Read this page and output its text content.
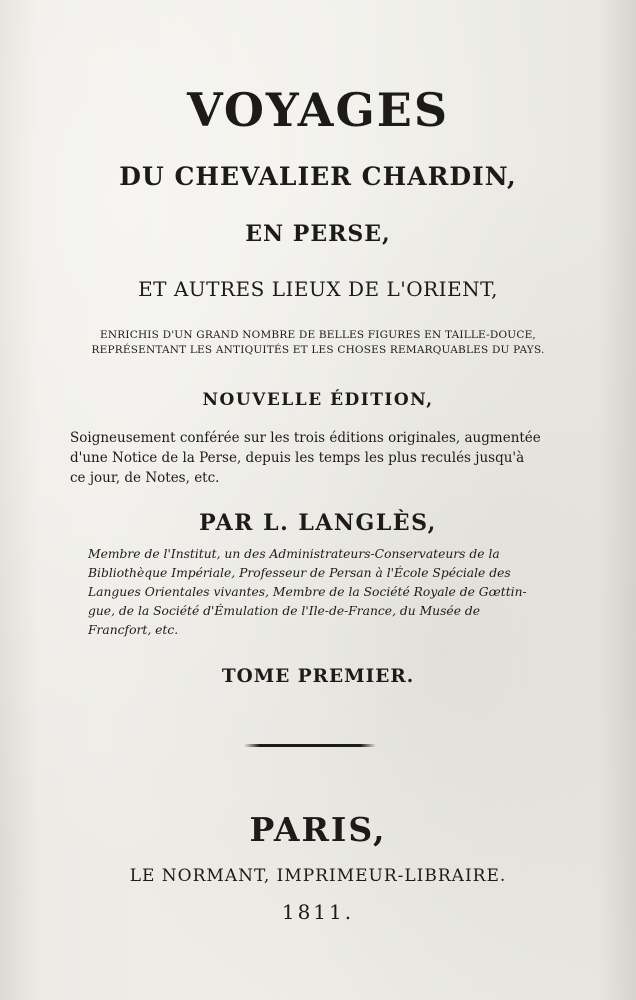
VOYAGES
DU CHEVALIER CHARDIN,
EN PERSE,
ET AUTRES LIEUX DE L'ORIENT,
ENRICHIS D'UN GRAND NOMBRE DE BELLES FIGURES EN TAILLE-DOUCE,
REPRÉSENTANT LES ANTIQUITÉS ET LES CHOSES REMARQUABLES DU PAYS.
NOUVELLE ÉDITION,
Soigneusement conférée sur les trois éditions originales, augmentée
d'une Notice de la Perse, depuis les temps les plus reculés jusqu'à
ce jour, de Notes, etc.
PAR L. LANGLÈS,
Membre de l'Institut, un des Administrateurs-Conservateurs de la
Bibliothèque Impériale, Professeur de Persan à l'École Spéciale des
Langues Orientales vivantes, Membre de la Société Royale de Gœttin-
gue, de la Société d'Émulation de l'Ile-de-France, du Musée de
Francfort, etc.
TOME PREMIER.
PARIS,
LE NORMANT, IMPRIMEUR-LIBRAIRE.
1811.
